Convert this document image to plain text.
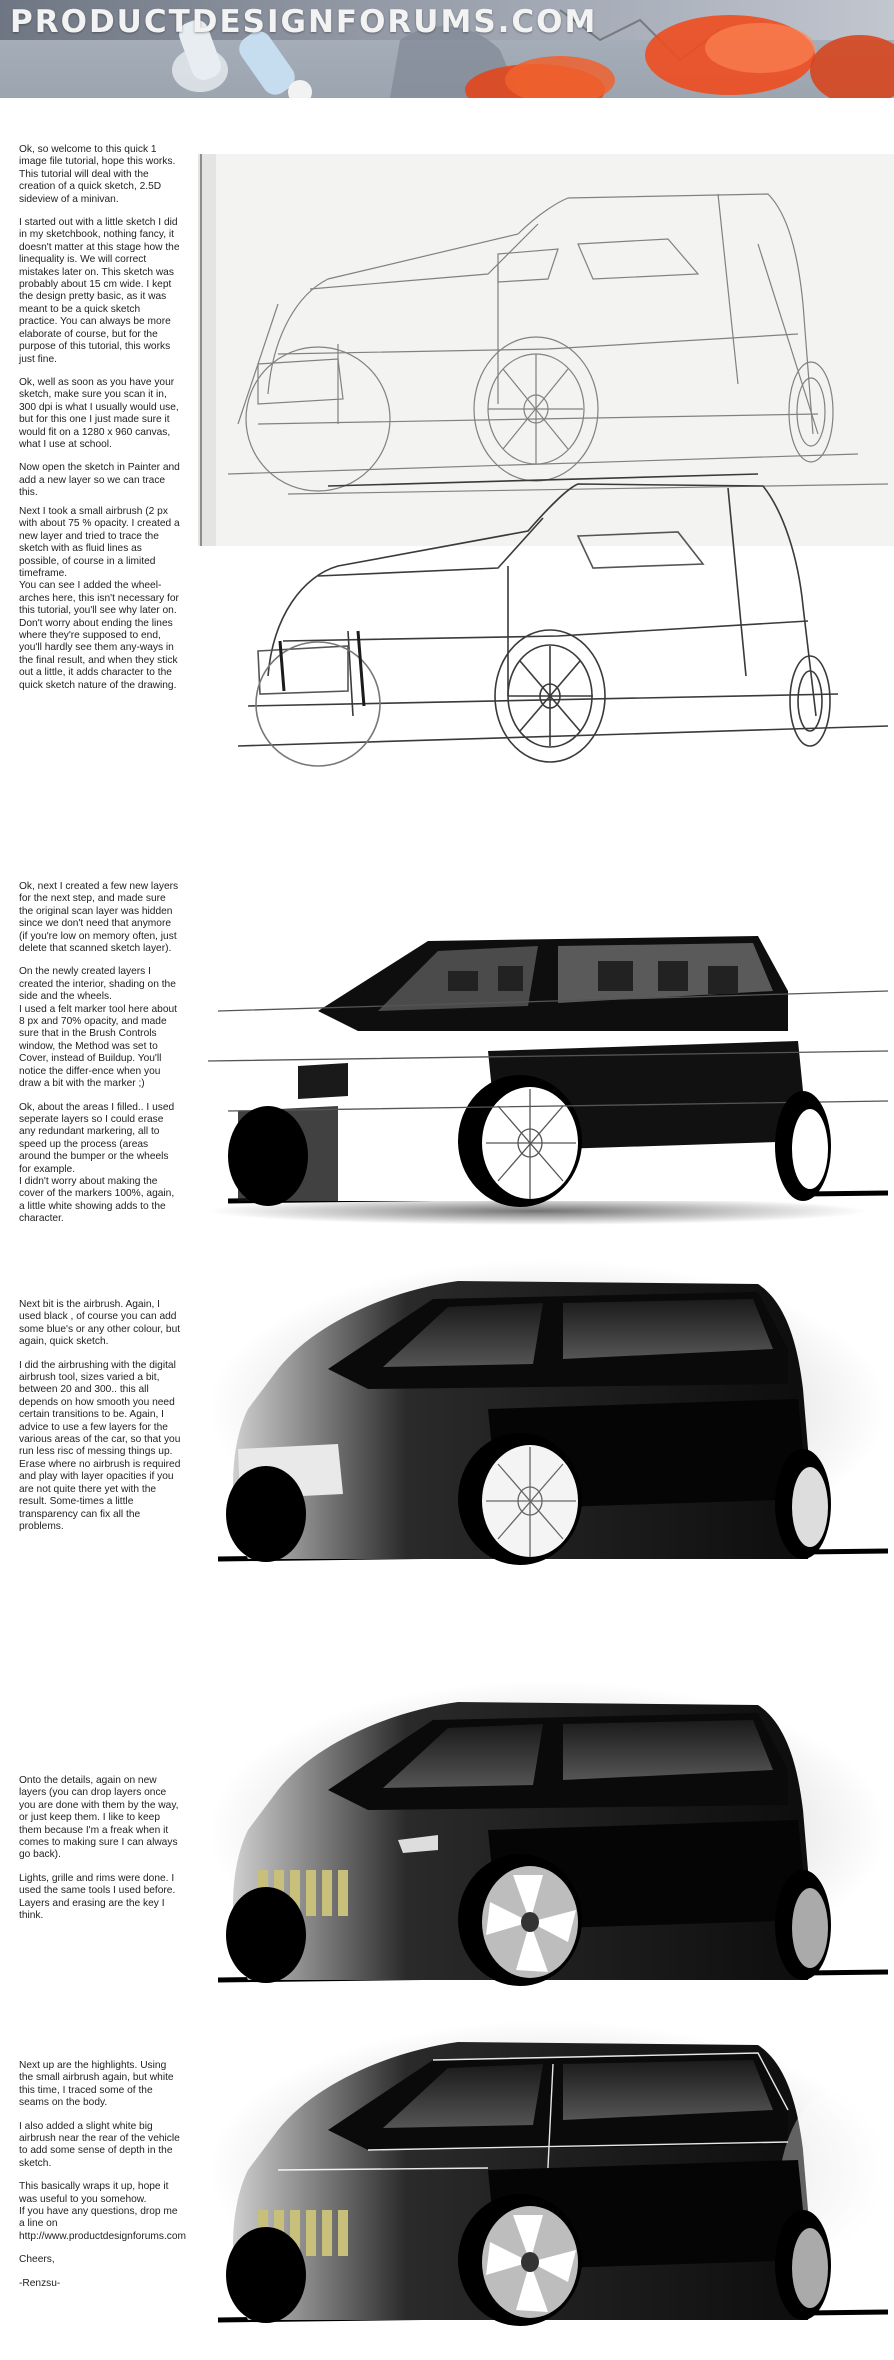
PRODUCTDESIGNFORUMS.COM

Ok, so welcome to this quick 1 image file tutorial, hope this works.
This tutorial will deal with the creation of a quick sketch, 2.5D sideview of a minivan.

I started out with a little sketch I did in my sketchbook, nothing fancy, it doesn't matter at this stage how the linequality is. We will correct mistakes later on. This sketch was probably about 15 cm wide. I kept the design pretty basic, as it was meant to be a quick sketch practice. You can always be more elaborate of course, but for the purpose of this tutorial, this works just fine.

Ok, well as soon as you have your sketch, make sure you scan it in, 300 dpi is what I usually would use, but for this one I just made sure it would fit on a 1280 x 960 canvas, what I use at school.

Now open the sketch in Painter and add a new layer so we can trace this.

Next I took a small airbrush (2 px with about 75 % opacity. I created a new layer and tried to trace the sketch with as fluid lines as possible, of course in a limited timeframe.
You can see I added the wheel-arches here, this isn't necessary for this tutorial, you'll see why later on.
Don't worry about ending the lines where they're supposed to end, you'll hardly see them any-ways in the final result, and when they stick out a little, it adds character to the quick sketch nature of the drawing.

Ok, next I created a few new layers for the next step, and made sure the original scan layer was hidden since we don't need that anymore (if you're low on memory often, just delete that scanned sketch layer).

On the newly created layers I created the interior, shading on the side and the wheels.
I used a felt marker tool here about 8 px and 70% opacity, and made sure that in the Brush Controls window, the Method was set to Cover, instead of Buildup. You'll notice the differ-ence when you draw a bit with the marker ;)

Ok, about the areas I filled.. I used seperate layers so I could erase any redundant markering, all to speed up the process (areas around the bumper or the wheels for example.
I didn't worry about making the cover of the markers 100%, again, a little white showing adds to the character.

Next bit is the airbrush. Again, I used black , of course you can add some blue's or any other colour, but again, quick sketch.

I did the airbrushing with the digital airbrush tool, sizes varied a bit, between 20 and 300.. this all depends on how smooth you need certain transitions to be. Again, I advice to use a few layers for the various areas of the car, so that you run less risc of messing things up.
Erase where no airbrush is required and play with layer opacities if you are not quite there yet with the result. Some-times a little transparency can fix all the problems.

Onto the details, again on new layers (you can drop layers once you are done with them by the way, or just keep them. I like to keep them because I'm a freak when it comes to making sure I can always go back).

Lights, grille and rims were done. I used the same tools I used before.
Layers and erasing are the key I think.

Next up are the highlights. Using the small airbrush again, but white this time, I traced some of the seams on the body.

I also added a slight white big airbrush near the rear of the vehicle to add some sense of depth in the sketch.

This basically wraps it up, hope it was useful to you somehow.
If you have any questions, drop me a line on
http://www.productdesignforums.com

Cheers,

-Renzsu-
